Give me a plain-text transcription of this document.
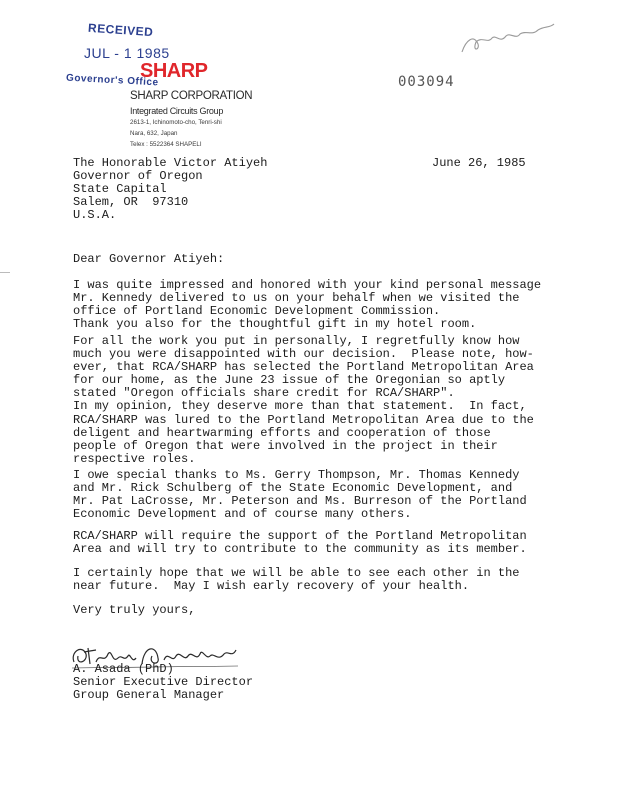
RECEIVED
JUL - 1 1985
Governor's Office	003094
SHARP
SHARP CORPORATION
Integrated Circuits Group
2613-1, Ichinomoto-cho, Tenri-shi
Nara, 632, Japan
Telex : 5522364 SHAPELI
June 26, 1985
The Honorable Victor Atiyeh
Governor of Oregon
State Capital
Salem, OR  97310
U.S.A.
Dear Governor Atiyeh:
I was quite impressed and honored with your kind personal message
Mr. Kennedy delivered to us on your behalf when we visited the
office of Portland Economic Development Commission.
Thank you also for the thoughtful gift in my hotel room.
For all the work you put in personally, I regretfully know how
much you were disappointed with our decision.  Please note, how-
ever, that RCA/SHARP has selected the Portland Metropolitan Area
for our home, as the June 23 issue of the Oregonian so aptly
stated "Oregon officials share credit for RCA/SHARP".
In my opinion, they deserve more than that statement.  In fact,
RCA/SHARP was lured to the Portland Metropolitan Area due to the
deligent and heartwarming efforts and cooperation of those
people of Oregon that were involved in the project in their
respective roles.
I owe special thanks to Ms. Gerry Thompson, Mr. Thomas Kennedy
and Mr. Rick Schulberg of the State Economic Development, and
Mr. Pat LaCrosse, Mr. Peterson and Ms. Burreson of the Portland
Economic Development and of course many others.
RCA/SHARP will require the support of the Portland Metropolitan
Area and will try to contribute to the community as its member.
I certainly hope that we will be able to see each other in the
near future.  May I wish early recovery of your health.
Very truly yours,
A. Asada (PhD)
Senior Executive Director
Group General Manager
